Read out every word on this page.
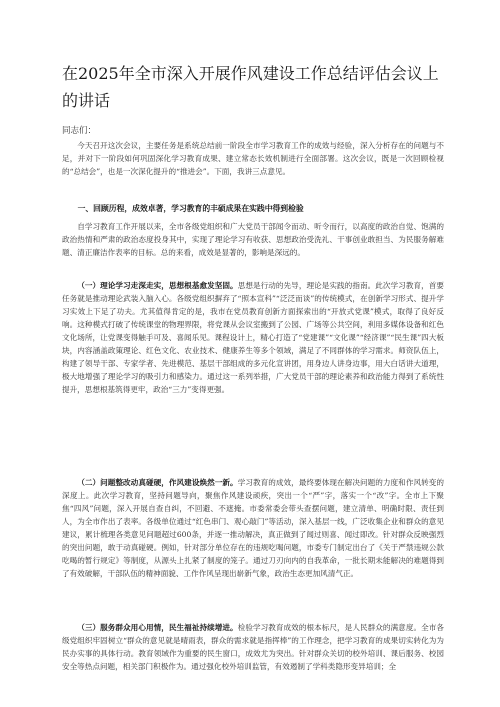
在2025年全市深入开展作风建设工作总结评估会议上的讲话
同志们：
今天召开这次会议，主要任务是系统总结前一阶段全市学习教育工作的成效与经验，深入分析存在的问题与不足，并对下一阶段如何巩固深化学习教育成果、建立常态长效机制进行全面部署。这次会议，既是一次回顾检视的“总结会”，也是一次深化提升的“推进会”。下面，我讲三点意见。
一、回顾历程，成效卓著，学习教育的丰硕成果在实践中得到检验
自学习教育工作开展以来，全市各级党组织和广大党员干部闻令而动、听令而行，以高度的政治自觉、饱满的政治热情和严肃的政治态度投身其中，实现了理论学习有收获、思想政治受洗礼、干事创业敢担当、为民服务解难题、清正廉洁作表率的目标。总的来看，成效是显著的，影响是深远的。
（一）理论学习走深走实，思想根基愈发坚固。思想是行动的先导，理论是实践的指南。此次学习教育，首要任务就是推动理论武装入脑入心。各级党组织摒弃了“照本宣科”“泛泛而谈”的传统模式，在创新学习形式、提升学习实效上下足了功夫。尤其值得肯定的是，我市在党员教育创新方面探索出的“开放式党课”模式，取得了良好反响。这种模式打破了传统课堂的物理界限，将党课从会议室搬到了公园、广场等公共空间，利用多媒体设备和红色文化场所，让党课变得触手可及、喜闻乐见。课程设计上，精心打造了“党建课”“文化课”“经济课”“民生课”四大板块，内容涵盖政策理论、红色文化、农业技术、健康养生等多个领域，满足了不同群体的学习需求。师资队伍上，构建了领导干部、专家学者、先进模范、基层干部组成的多元化宣讲团，用身边人讲身边事，用大白话讲大道理，极大地增强了理论学习的吸引力和感染力。通过这一系列举措，广大党员干部的理论素养和政治能力得到了系统性提升，思想根基筑得更牢，政治“三力”变得更强。
（二）问题整改动真碰硬，作风建设焕然一新。学习教育的成效，最终要体现在解决问题的力度和作风转变的深度上。此次学习教育，坚持问题导向，聚焦作风建设顽疾，突出一个“严”字，落实一个“改”字。全市上下聚焦“四风”问题，深入开展自查自纠，不回避、不遮掩。市委常委会带头查摆问题，建立清单、明确时限、责任到人，为全市作出了表率。各级单位通过“红色串门、观心敲门”等活动，深入基层一线，广泛收集企业和群众的意见建议，累计梳理各类意见问题超过600条，并逐一推动解决，真正做到了闻过则喜、闻过即改。针对群众反映强烈的突出问题，敢于动真碰硬。例如，针对部分单位存在的违规吃喝问题，市委专门制定出台了《关于严禁违规公款吃喝的暂行规定》等制度，从源头上扎紧了制度的笼子。通过刀刃向内的自我革命，一批长期未能解决的难题得到了有效破解，干部队伍的精神面貌、工作作风呈现出崭新气象，政治生态更加风清气正。
（三）服务群众用心用情，民生福祉持续增进。检验学习教育成效的根本标尺，是人民群众的满意度。全市各级党组织牢固树立“群众的意见就是晴雨表，群众的需求就是指挥棒”的工作理念，把学习教育的成果切实转化为为民办实事的具体行动。教育领域作为重要的民生窗口，成效尤为突出。针对群众关切的校外培训、课后服务、校园安全等热点问题，相关部门积极作为。通过强化校外培训监管，有效遏制了学科类隐形变异培训；全
